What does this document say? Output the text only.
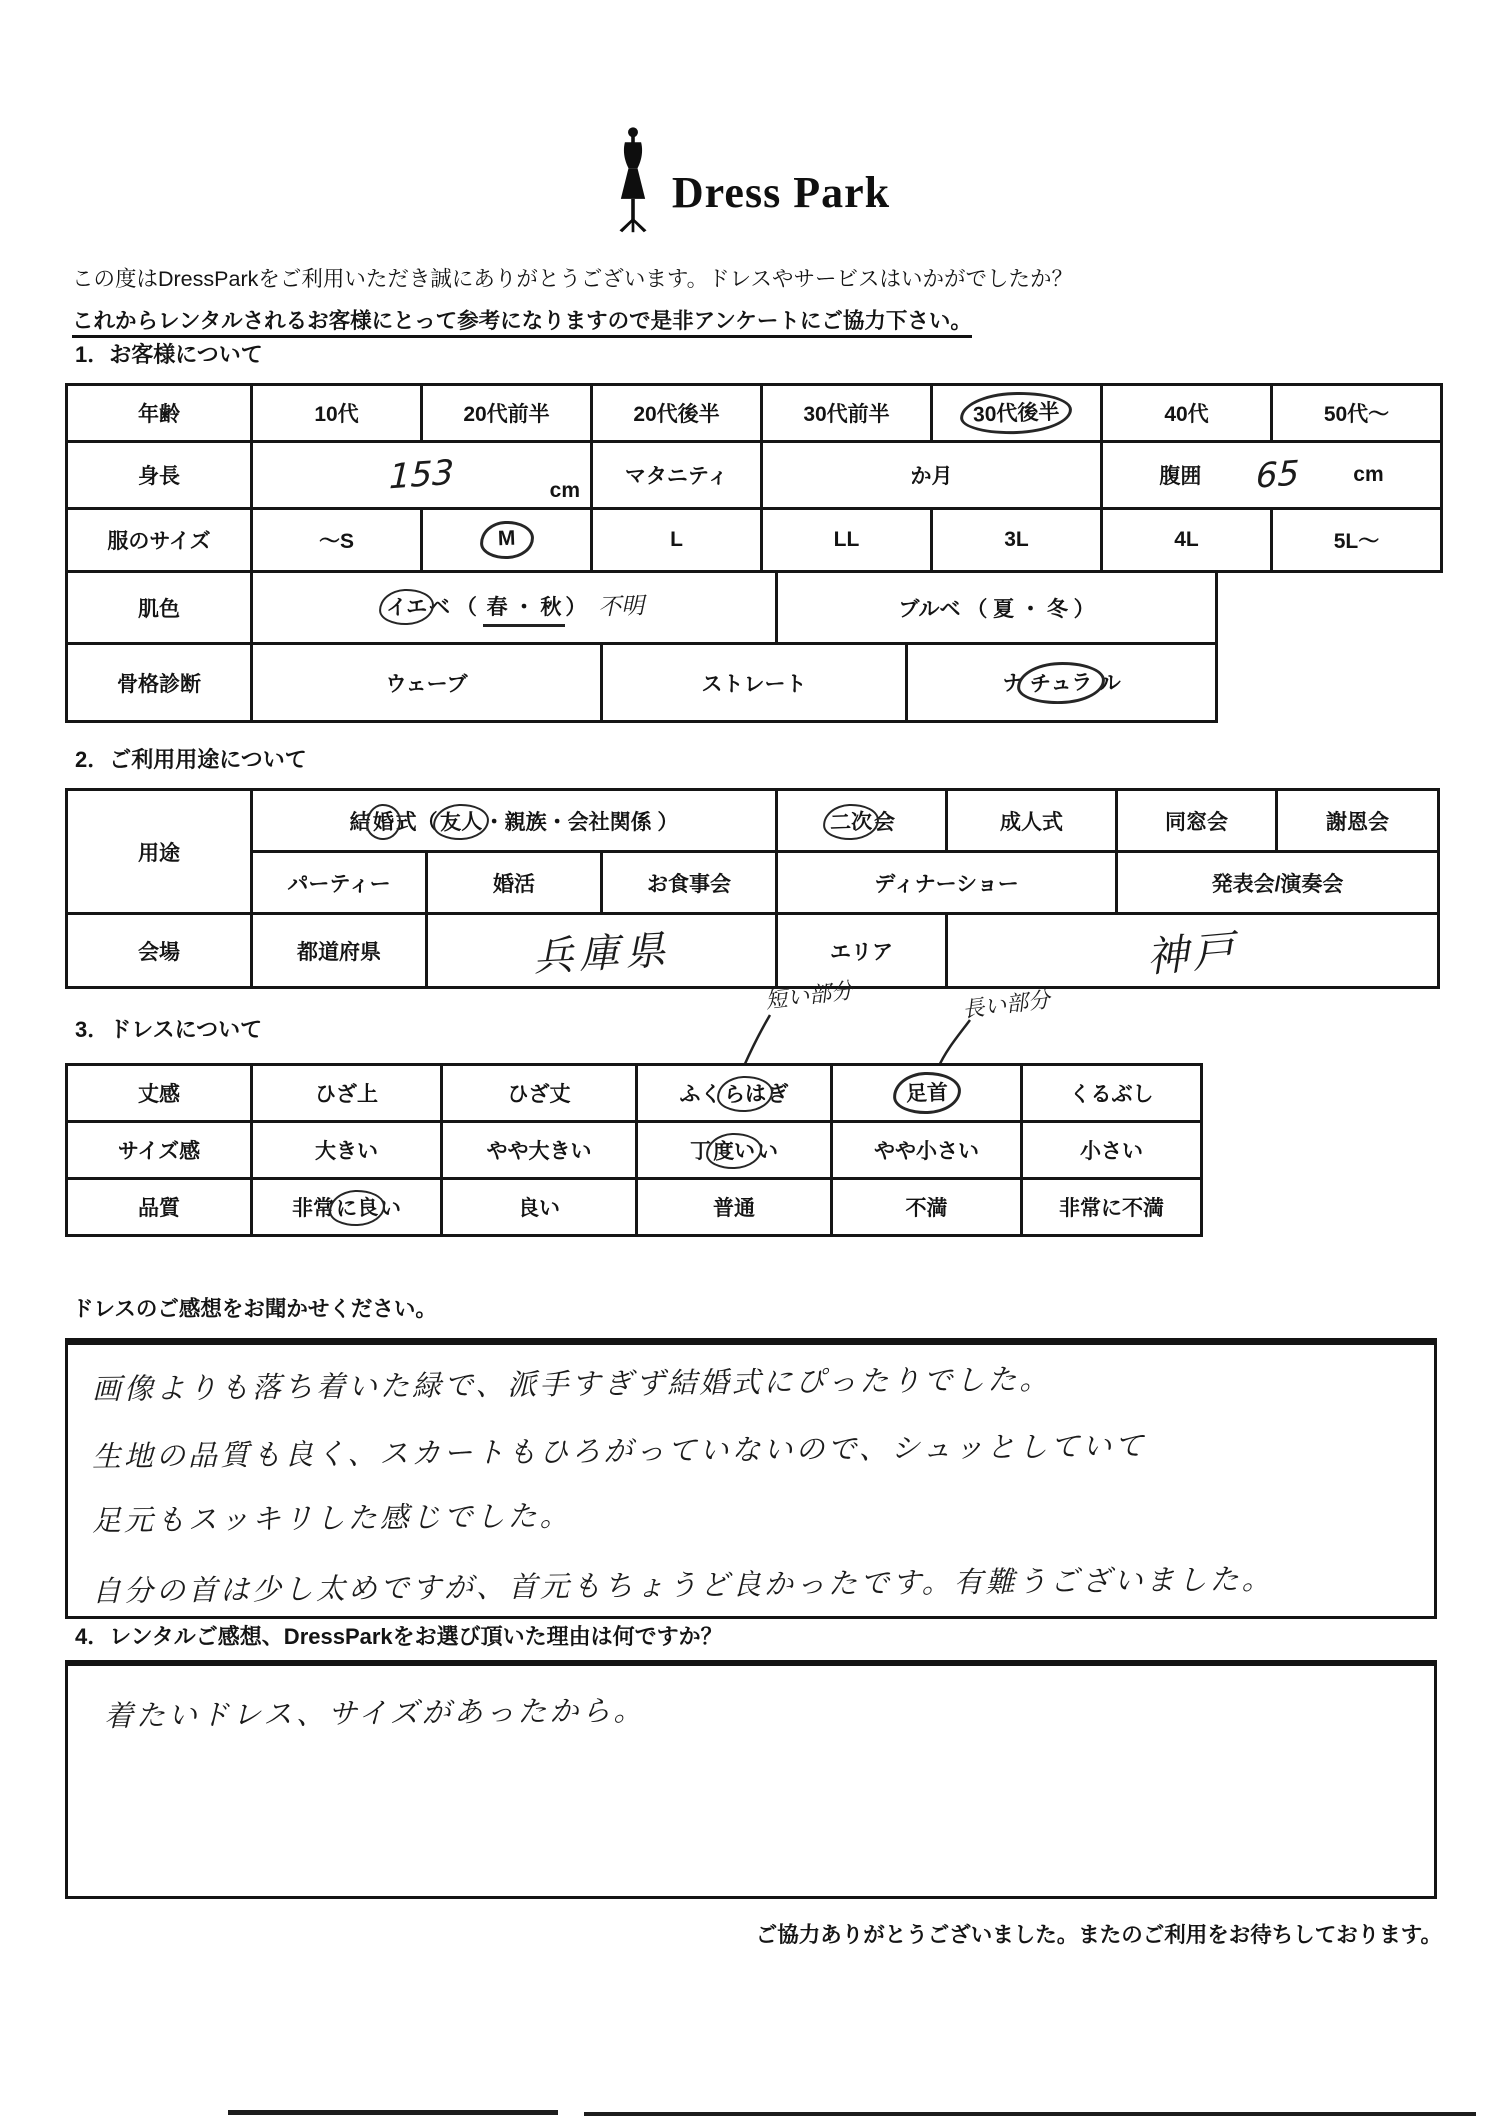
Dress Park

この度はDressParkをご利用いただき誠にありがとうございます。ドレスやサービスはいかがでしたか？

これからレンタルされるお客様にとって参考になりますので是非アンケートにご協力下さい。

1．お客様について
年齢	10代	20代前半	20代後半	30代前半	30代後半	40代	50代～
身長	153 cm		マタニティ	か月		腹囲 65 cm	

服のサイズ	～S	M	L	LL	3L	4L	5L～
肌色	イエベ （ 春 ・ 秋 ） 不明		ブルベ （ 夏 ・ 冬 ）	
骨格診断	ウェーブ	ストレート		ナ チュラ ル
2．ご利用用途について
用途	結婚式（友人・親族・会社関係 ）			二次会	成人式	同窓会	謝恩会
	パーティー	婚活	お食事会	ディナーショー		発表会/演奏会	
会場	都道府県	兵庫県		エリア	神戸		
3．ドレスについて
短い部分	長い部分
丈感	ひざ上	ひざ丈	ふくらはぎ	足首	くるぶし
サイズ感	大きい	やや大きい	丁度いい	やや小さい	小さい
品質	非常に良い	良い	普通	不満	非常に不満
ドレスのご感想をお聞かせください。
画像よりも落ち着いた緑で、派手すぎず結婚式にぴったりでした。 生地の品質も良く、スカートもひろがっていないので、シュッとしていて 足元もスッキリした感じでした。 自分の首は少し太めですが、首元もちょうど良かったです。有難うございました。
4．レンタルご感想、DressParkをお選び頂いた理由は何ですか？
着たいドレス、サイズがあったから。
ご協力ありがとうございました。またのご利用をお待ちしております。
